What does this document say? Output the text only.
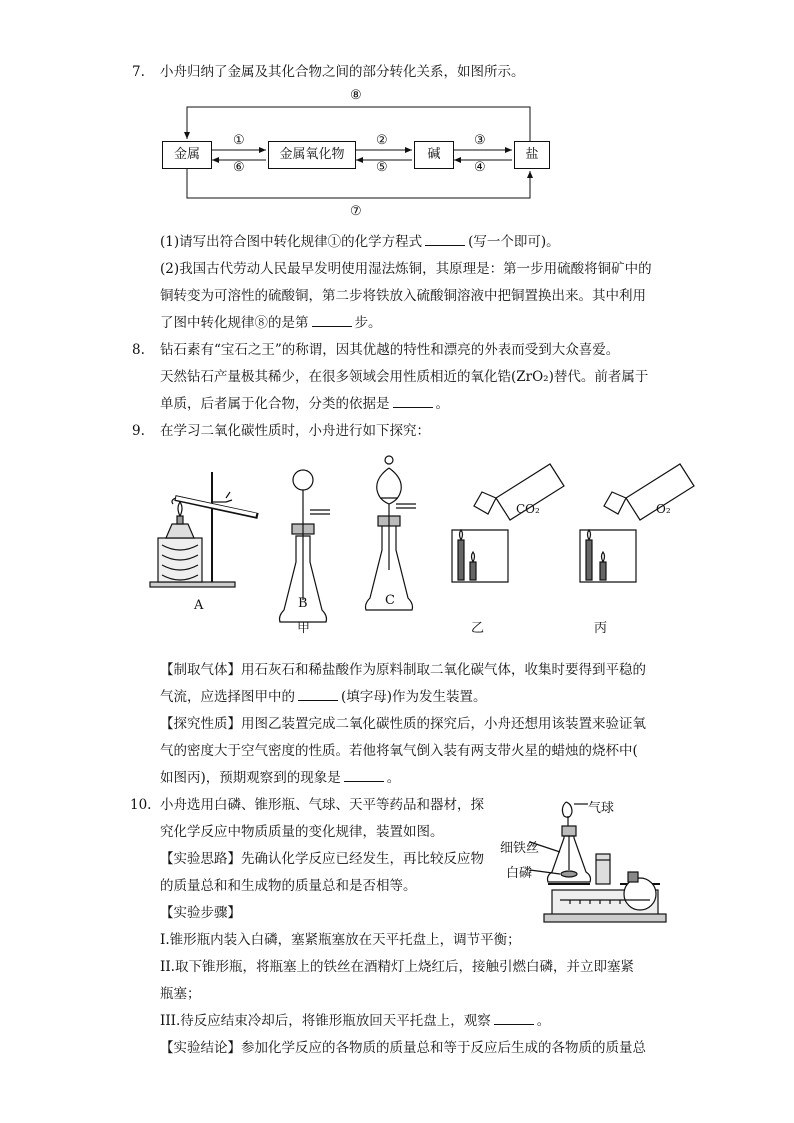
7. 小舟归纳了金属及其化合物之间的部分转化关系，如图所示。
金属	金属氧化物	碱	盐
①
⑥
②
⑤
③
④
⑦
⑧
(1)请写出符合图中转化规律①的化学方程式	(写一个即可)。
(2)我国古代劳动人民最早发明使用湿法炼铜，其原理是：第一步用硫酸将铜矿中的
铜转变为可溶性的硫酸铜，第二步将铁放入硫酸铜溶液中把铜置换出来。其中利用
了图中转化规律⑧的是第	步。
8. 钻石素有“宝石之王”的称谓，因其优越的特性和漂亮的外表而受到大众喜爱。
天然钻石产量极其稀少，在很多领域会用性质相近的氧化锆(ZrO₂)替代。前者属于
单质，后者属于化合物，分类的依据是	。
9. 在学习二氧化碳性质时，小舟进行如下探究：
CO₂	O₂
A	B	C
甲	乙	丙
【制取气体】用石灰石和稀盐酸作为原料制取二氧化碳气体，收集时要得到平稳的
气流，应选择图甲中的	(填字母)作为发生装置。
【探究性质】用图乙装置完成二氧化碳性质的探究后，小舟还想用该装置来验证氧
气的密度大于空气密度的性质。若他将氧气倒入装有两支带火星的蜡烛的烧杯中(
如图丙)，预期观察到的现象是	。
10. 小舟选用白磷、锥形瓶、气球、天平等药品和器材，探
究化学反应中物质质量的变化规律，装置如图。
【实验思路】先确认化学反应已经发生，再比较反应物
的质量总和和生成物的质量总和是否相等。
【实验步骤】
I.锥形瓶内装入白磷，塞紧瓶塞放在天平托盘上，调节平衡；
II.取下锥形瓶，将瓶塞上的铁丝在酒精灯上烧红后，接触引燃白磷，并立即塞紧
瓶塞；
III.待反应结束冷却后，将锥形瓶放回天平托盘上，观察	。
【实验结论】参加化学反应的各物质的质量总和等于反应后生成的各物质的质量总
气球
细铁丝
白磷
